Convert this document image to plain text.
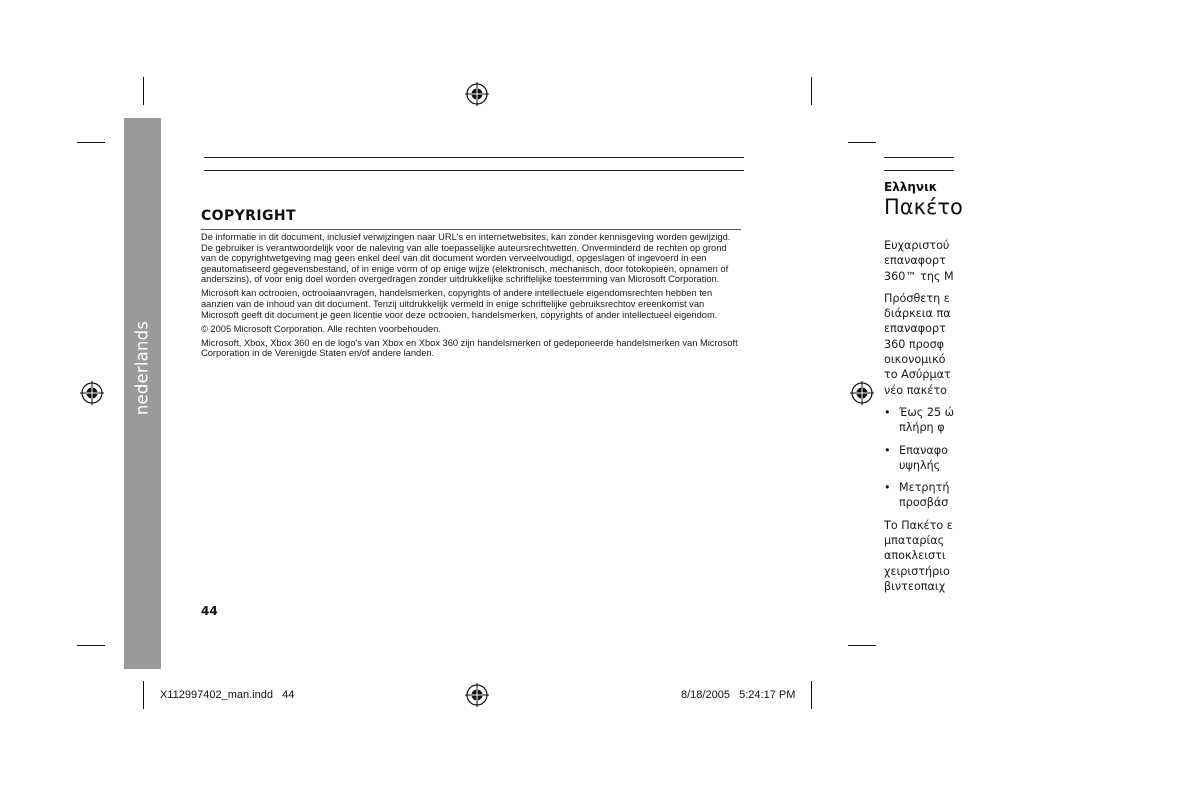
nederlands
COPYRIGHT

De informatie in dit document, inclusief verwijzingen naar URL's en internetwebsites, kan zonder kennisgeving worden gewijzigd. De gebruiker is verantwoordelijk voor de naleving van alle toepasselijke auteursrechtwetten. Onverminderd de rechten op grond van de copyrightwetgeving mag geen enkel deel van dit document worden verveelvoudigd, opgeslagen of ingevoerd in een geautomatiseerd gegevensbestand, of in enige vorm of op enige wijze (elektronisch, mechanisch, door fotokopieën, opnamen of anderszins), of voor enig doel worden overgedragen zonder uitdrukkelijke schriftelijke toestemming van Microsoft Corporation.

Microsoft kan octrooien, octrooiaanvragen, handelsmerken, copyrights of andere intellectuele eigendomsrechten hebben ten aanzien van de inhoud van dit document. Tenzij uitdrukkelijk vermeld in enige schriftelijke gebruiksrechtov ereenkomst van Microsoft geeft dit document je geen licentie voor deze octrooien, handelsmerken, copyrights of ander intellectueel eigendom.

© 2005 Microsoft Corporation. Alle rechten voorbehouden.

Microsoft, Xbox, Xbox 360 en de logo's van Xbox en Xbox 360 zijn handelsmerken of gedeponeerde handelsmerken van Microsoft Corporation in de Verenigde Staten en/of andere landen.

44
X112997402_man.indd   44	8/18/2005   5:24:17 PM
Ελληνικ
Πακέτο

Ευχαριστού
επαναφορτ
360™ της Μ

Πρόσθετη ε
διάρκεια πα
επαναφορτ
360 προσφ
οικονομικό
το Ασύρματ
νέο πακέτο

• Έως 25 ώ
πλήρη φ

• Επαναφο
υψηλής

• Μετρητή
προσβάσ

Το Πακέτο ε
μπαταρίας
αποκλειστι
χειριστήριο
βιντεοπαιχ
